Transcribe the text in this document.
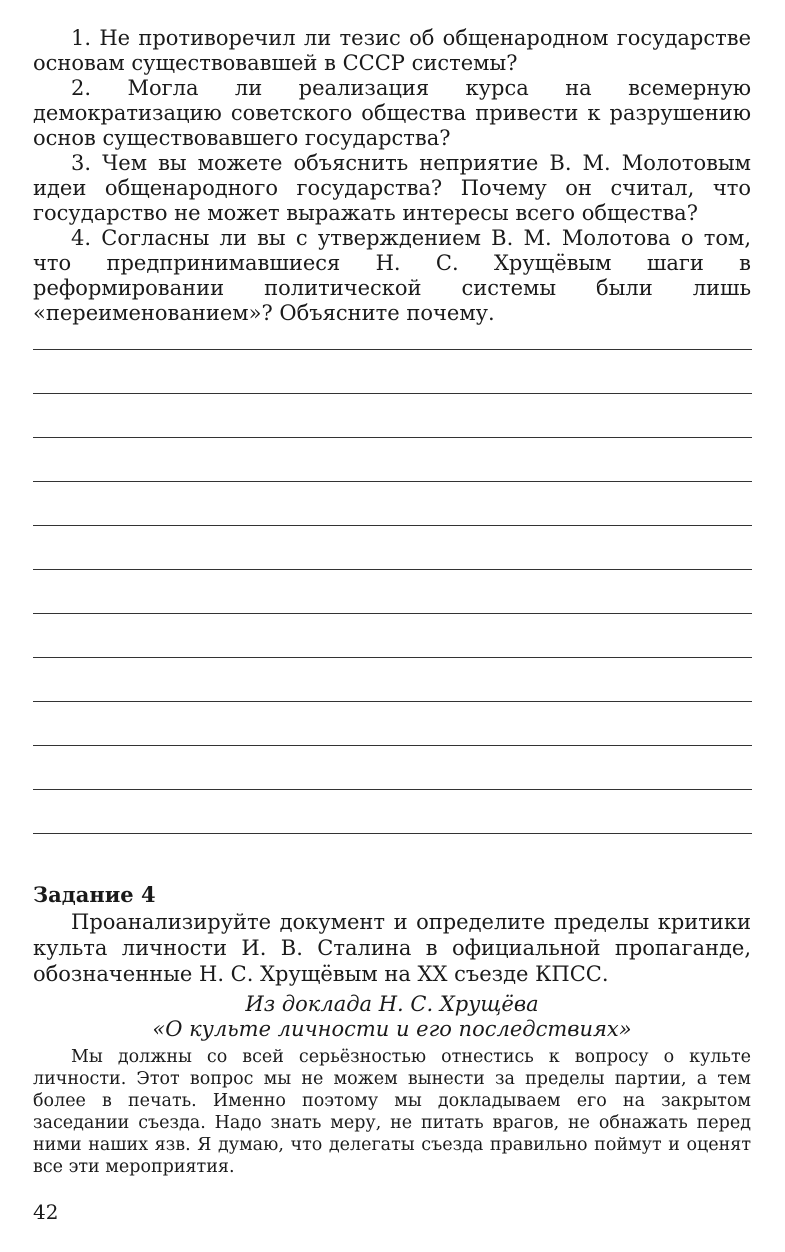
1. Не противоречил ли тезис об общенародном государстве основам существовавшей в СССР системы?

2. Могла ли реализация курса на всемерную демократизацию советского общества привести к разрушению основ существовавшего государства?

3. Чем вы можете объяснить неприятие В. М. Молотовым идеи общенародного государства? Почему он считал, что государство не может выражать интересы всего общества?

4. Согласны ли вы с утверждением В. М. Молотова о том, что предпринимавшиеся Н. С. Хрущёвым шаги в реформировании политической системы были лишь «переименованием»? Объясните почему.

Задание 4

Проанализируйте документ и определите пределы критики культа личности И. В. Сталина в официальной пропаганде, обозначенные Н. С. Хрущёвым на XX съезде КПСС.

Из доклада Н. С. Хрущёва
«О культе личности и его последствиях»

Мы должны со всей серьёзностью отнестись к вопросу о культе личности. Этот вопрос мы не можем вынести за пределы партии, а тем более в печать. Именно поэтому мы докладываем его на закрытом заседании съезда. Надо знать меру, не питать врагов, не обнажать перед ними наших язв. Я думаю, что делегаты съезда правильно поймут и оценят все эти мероприятия.

42
